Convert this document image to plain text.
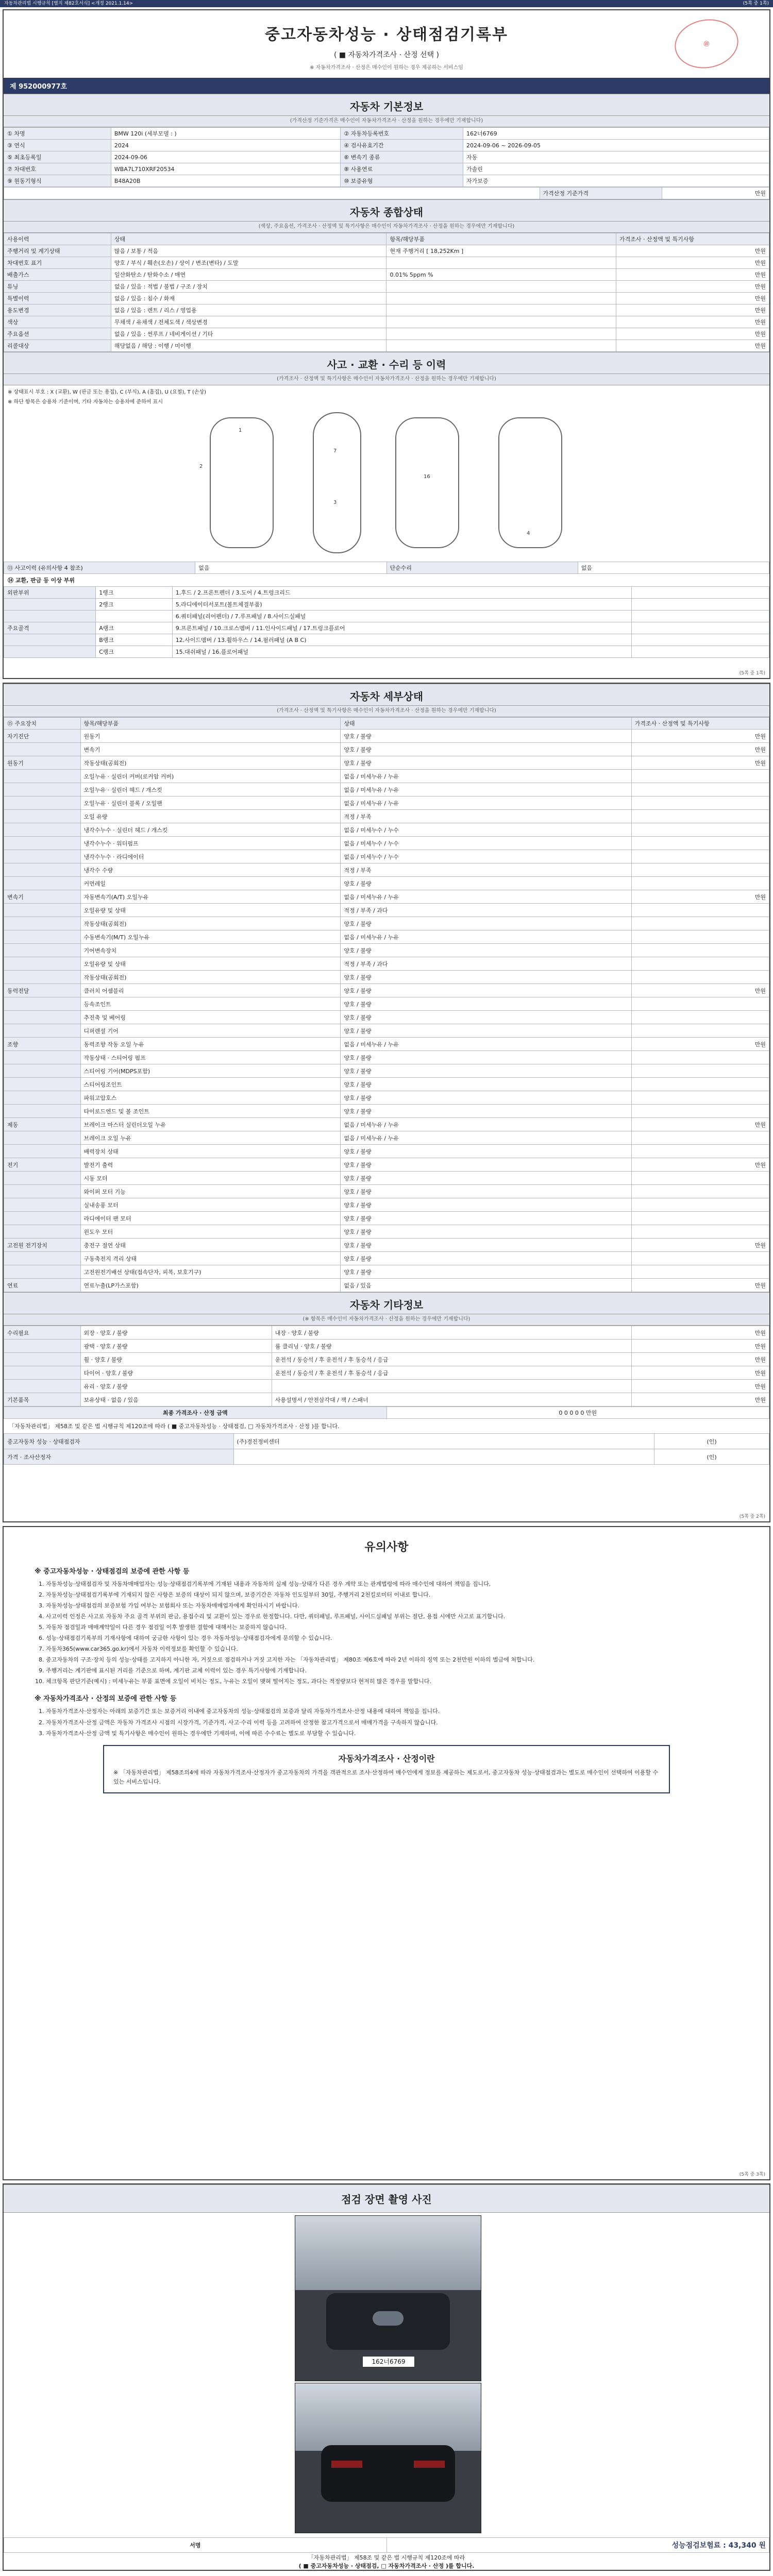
자동차관리법 시행규칙 [별지 제82호서식] <개정 2021.1.14>	(5쪽 중 1쪽)
㊞
중고자동차성능 · 상태점검기록부
( ■ 자동차가격조사 · 산정 선택 )
※ 자동차가격조사 · 산정은 매수인이 원하는 경우 제공하는 서비스임
제 952000977호
자동차 기본정보
(가격산정 기준가격은 매수인이 자동차가격조사 · 산정을 원하는 경우에만 기재합니다)
① 차명	BMW 120i (세부모델 : )	② 자동차등록번호	162너6769
③ 연식	2024	④ 검사유효기간	2024-09-06 ~ 2026-09-05
⑤ 최초등록일	2024-09-06	⑥ 변속기 종류	자동
⑦ 차대번호	WBA7L710XRF20534	⑧ 사용연료	가솔린
⑨ 원동기형식	B48A20B	⑩ 보증유형	자가보증
	가격산정 기준가격	만원
자동차 종합상태
(색상, 주요옵션, 가격조사 · 산정액 및 특기사항은 매수인이 자동차가격조사 · 산정을 원하는 경우에만 기재합니다)
사용이력	상태	항목/해당부품	가격조사 · 산정액 및 특기사항
주행거리 및 계기상태	많음 / 보통 / 적음	현재 주행거리 [ 18,252Km ]	만원
차대번호 표기	양호 / 부식 / 훼손(오손) / 상이 / 변조(변타) / 도말		만원
배출가스	일산화탄소 / 탄화수소 / 매연	0.01% 5ppm %	만원
튜닝	없음 / 있음 : 적법 / 불법 / 구조 / 장치		만원
특별이력	없음 / 있음 : 침수 / 화재		만원
용도변경	없음 / 있음 : 렌트 / 리스 / 영업용		만원
색상	무채색 / 유채색 / 전체도색 / 색상변경		만원
주요옵션	없음 / 있음 : 썬루프 / 네비게이션 / 기타		만원
리콜대상	해당없음 / 해당 : 이행 / 미이행		만원
사고 · 교환 · 수리 등 이력
(가격조사 · 산정액 및 특기사항은 매수인이 자동차가격조사 · 산정을 원하는 경우에만 기재합니다)
※ 상태표시 부호 : X (교환), W (판금 또는 용접), C (부식), A (흠집), U (요철), T (손상)
※ 하단 항목은 승용차 기준이며, 기타 자동차는 승용차에 준하여 표시
1
2
7
3
16
4
⑬ 사고이력 (유의사항 4 참조)	없음	단순수리	없음
⑭ 교환, 판금 등 이상 부위
외판부위	1랭크	1.후드 / 2.프론트펜더 / 3.도어 / 4.트렁크리드	
	2랭크	5.라디에이터서포트(볼트체결부품)	
		6.쿼터패널(리어펜더) / 7.루프패널 / 8.사이드실패널	
주요골격	A랭크	9.프론트패널 / 10.크로스멤버 / 11.인사이드패널 / 17.트렁크플로어	
	B랭크	12.사이드멤버 / 13.휠하우스 / 14.필러패널 (A B C)	
	C랭크	15.대쉬패널 / 16.플로어패널	
(5쪽 중 1쪽)
자동차 세부상태
(가격조사 · 산정액 및 특기사항은 매수인이 자동차가격조사 · 산정을 원하는 경우에만 기재합니다)
⑮ 주요장치	항목/해당부품	상태	가격조사 · 산정액 및 특기사항
자기진단	원동기	양호 / 불량	만원
	변속기	양호 / 불량	만원
원동기	작동상태(공회전)	양호 / 불량	만원
	오일누유 · 실린더 커버(로커암 커버)	없음 / 미세누유 / 누유	
	오일누유 · 실린더 헤드 / 개스킷	없음 / 미세누유 / 누유	
	오일누유 · 실린더 블록 / 오일팬	없음 / 미세누유 / 누유	
	오일 유량	적정 / 부족	
	냉각수누수 · 실린더 헤드 / 개스킷	없음 / 미세누수 / 누수	
	냉각수누수 · 워터펌프	없음 / 미세누수 / 누수	
	냉각수누수 · 라디에이터	없음 / 미세누수 / 누수	
	냉각수 수량	적정 / 부족	
	커먼레일	양호 / 불량	
변속기	자동변속기(A/T) 오일누유	없음 / 미세누유 / 누유	만원
	오일유량 및 상태	적정 / 부족 / 과다	
	작동상태(공회전)	양호 / 불량	
	수동변속기(M/T) 오일누유	없음 / 미세누유 / 누유	
	기어변속장치	양호 / 불량	
	오일유량 및 상태	적정 / 부족 / 과다	
	작동상태(공회전)	양호 / 불량	
동력전달	클러치 어셈블리	양호 / 불량	만원
	등속조인트	양호 / 불량	
	추진축 및 베어링	양호 / 불량	
	디퍼렌셜 기어	양호 / 불량	
조향	동력조향 작동 오일 누유	없음 / 미세누유 / 누유	만원
	작동상태 · 스티어링 펌프	양호 / 불량	
	스티어링 기어(MDPS포함)	양호 / 불량	
	스티어링조인트	양호 / 불량	
	파워고압호스	양호 / 불량	
	타이로드엔드 및 볼 조인트	양호 / 불량	
제동	브레이크 마스터 실린더오일 누유	없음 / 미세누유 / 누유	만원
	브레이크 오일 누유	없음 / 미세누유 / 누유	
	배력장치 상태	양호 / 불량	
전기	발전기 출력	양호 / 불량	만원
	시동 모터	양호 / 불량	
	와이퍼 모터 기능	양호 / 불량	
	실내송풍 모터	양호 / 불량	
	라디에이터 팬 모터	양호 / 불량	
	윈도우 모터	양호 / 불량	
고전원 전기장치	충전구 절연 상태	양호 / 불량	만원
	구동축전지 격리 상태	양호 / 불량	
	고전원전기배선 상태(접속단자, 피복, 보호기구)	양호 / 불량	
연료	연료누출(LP가스포함)	없음 / 있음	만원
자동차 기타정보
(※ 항목은 매수인이 자동차가격조사 · 산정을 원하는 경우에만 기재합니다)
수리필요	외장 · 양호 / 불량	내장 · 양호 / 불량	만원
	광택 · 양호 / 불량	룸 클리닝 · 양호 / 불량	만원
	휠 · 양호 / 불량	운전석 / 동승석 / 후 운전석 / 후 동승석 / 응급	만원
	타이어 · 양호 / 불량	운전석 / 동승석 / 후 운전석 / 후 동승석 / 응급	만원
	유리 · 양호 / 불량		만원
기본품목	보유상태 · 없음 / 있음	사용설명서 / 안전삼각대 / 잭 / 스패너	만원
최종 가격조사 · 산정 금액	0 0 0 0 0 만원
「자동차관리법」 제58조 및 같은 법 시행규칙 제120조에 따라 ( ■ 중고자동차성능 · 상태점검, □ 자동차가격조사 · 산정 )를 합니다.
중고자동차 성능 · 상태점검자	(주)경진정비센터	(인)
가격 · 조사산정자		(인)
(5쪽 중 2쪽)
유의사항
※ 중고자동차성능 · 상태점검의 보증에 관한 사항 등
1. 자동차성능·상태점검자 및 자동차매매업자는 성능·상태점검기록부에 기재된 내용과 자동차의 실제 성능·상태가 다른 경우 계약 또는 관계법령에 따라 매수인에 대하여 책임을 집니다.
2. 자동차성능·상태점검기록부에 기재되지 않은 사항은 보증의 대상이 되지 않으며, 보증기간은 자동차 인도일부터 30일, 주행거리 2천킬로미터 이내로 합니다.
3. 자동차성능·상태점검의 보증보험 가입 여부는 보험회사 또는 자동차매매업자에게 확인하시기 바랍니다.
4. 사고이력 인정은 사고로 자동차 주요 골격 부위의 판금, 용접수리 및 교환이 있는 경우로 한정합니다. 다만, 쿼터패널, 루프패널, 사이드실패널 부위는 절단, 용접 시에만 사고로 표기합니다.
5. 자동차 점검일과 매매계약일이 다른 경우 점검일 이후 발생한 결함에 대해서는 보증하지 않습니다.
6. 성능·상태점검기록부의 기재사항에 대하여 궁금한 사항이 있는 경우 자동차성능·상태점검자에게 문의할 수 있습니다.
7. 자동차365(www.car365.go.kr)에서 자동차 이력정보를 확인할 수 있습니다.
8. 중고자동차의 구조·장치 등의 성능·상태를 고지하지 아니한 자, 거짓으로 점검하거나 거짓 고지한 자는 「자동차관리법」 제80조 제6호에 따라 2년 이하의 징역 또는 2천만원 이하의 벌금에 처합니다.
9. 주행거리는 계기판에 표시된 거리를 기준으로 하며, 계기판 교체 이력이 있는 경우 특기사항에 기재합니다.
10. 체크항목 판단기준(예시) : 미세누유는 부품 표면에 오일이 비치는 정도, 누유는 오일이 맺혀 떨어지는 정도, 과다는 적정량보다 현저히 많은 경우를 말합니다.
※ 자동차가격조사 · 산정의 보증에 관한 사항 등
1. 자동차가격조사·산정자는 아래의 보증기간 또는 보증거리 이내에 중고자동차의 성능·상태점검의 보증과 달리 자동차가격조사·산정 내용에 대하여 책임을 집니다.
2. 자동차가격조사·산정 금액은 자동차 가격조사 시점의 시장가격, 기준가격, 사고·수리 이력 등을 고려하여 산정한 참고가격으로서 매매가격을 구속하지 않습니다.
3. 자동차가격조사·산정 금액 및 특기사항은 매수인이 원하는 경우에만 기재하며, 이에 따른 수수료는 별도로 부담할 수 있습니다.
자동차가격조사 · 산정이란
※ 「자동차관리법」 제58조의4에 따라 자동차가격조사·산정자가 중고자동차의 가격을 객관적으로 조사·산정하여 매수인에게 정보를 제공하는 제도로서, 중고자동차 성능·상태점검과는 별도로 매수인이 선택하여 이용할 수 있는 서비스입니다.
(5쪽 중 3쪽)
점검 장면 촬영 사진
162너6769
서명	성능점검보험료 : 43,340 원
「자동차관리법」 제58조 및 같은 법 시행규칙 제120조에 따라
( ■ 중고자동차성능 · 상태점검, □ 자동차가격조사 · 산정 )를 합니다.
